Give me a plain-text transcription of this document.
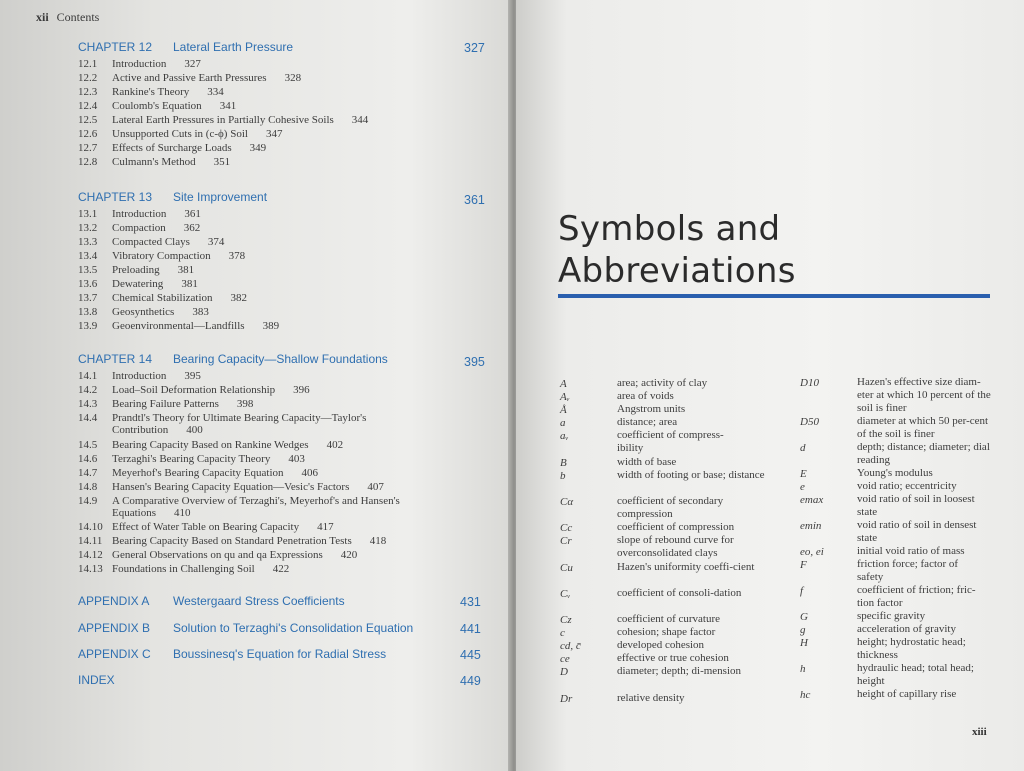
xii Contents
CHAPTER 12 Lateral Earth Pressure	327
12.1 Introduction 327
12.2 Active and Passive Earth Pressures 328
12.3 Rankine's Theory 334
12.4 Coulomb's Equation 341
12.5 Lateral Earth Pressures in Partially Cohesive Soils 344
12.6 Unsupported Cuts in (c-ϕ) Soil 347
12.7 Effects of Surcharge Loads 349
12.8 Culmann's Method 351
CHAPTER 13 Site Improvement	361
13.1 Introduction 361
13.2 Compaction 362
13.3 Compacted Clays 374
13.4 Vibratory Compaction 378
13.5 Preloading 381
13.6 Dewatering 381
13.7 Chemical Stabilization 382
13.8 Geosynthetics 383
13.9 Geoenvironmental—Landfills 389
CHAPTER 14 Bearing Capacity—Shallow Foundations	395
14.1 Introduction 395
14.2 Load–Soil Deformation Relationship 396
14.3 Bearing Failure Patterns 398
14.4 Prandtl's Theory for Ultimate Bearing Capacity—Taylor's
Contribution 400
14.5 Bearing Capacity Based on Rankine Wedges 402
14.6 Terzaghi's Bearing Capacity Theory 403
14.7 Meyerhof's Bearing Capacity Equation 406
14.8 Hansen's Bearing Capacity Equation—Vesic's Factors 407
14.9 A Comparative Overview of Terzaghi's, Meyerhof's and Hansen's
Equations 410
14.10 Effect of Water Table on Bearing Capacity 417
14.11 Bearing Capacity Based on Standard Penetration Tests 418
14.12 General Observations on qu and qa Expressions 420
14.13 Foundations in Challenging Soil 422
APPENDIX A Westergaard Stress Coefficients	431
APPENDIX B Solution to Terzaghi's Consolidation Equation	441
APPENDIX C Boussinesq's Equation for Radial Stress	445
INDEX	449
Symbols and
Abbreviations
A	area; activity of clay
Aᵥ	area of voids
Å	Angstrom units
a	distance; area
aᵥ	coefficient of compress-ibility
B	width of base
b	width of footing or base; distance
Cα	coefficient of secondary compression
Cc	coefficient of compression
Cr	slope of rebound curve for overconsolidated clays
Cu	Hazen's uniformity coeffi-cient
Cᵥ	coefficient of consoli-dation
Cz	coefficient of curvature
c	cohesion; shape factor
cd, c̄	developed cohesion
ce	effective or true cohesion
D	diameter; depth; di-mension
Dr	relative density
D10	Hazen's effective size diam-eter at which 10 percent of the soil is finer
D50	diameter at which 50 per-cent of the soil is finer
d	depth; distance; diameter; dial reading
E	Young's modulus
e	void ratio; eccentricity
emax	void ratio of soil in loosest state
emin	void ratio of soil in densest state
eo, ei	initial void ratio of mass
F	friction force; factor of safety
f	coefficient of friction; fric-tion factor
G	specific gravity
g	acceleration of gravity
H	height; hydrostatic head; thickness
h	hydraulic head; total head; height
hc	height of capillary rise
xiii
